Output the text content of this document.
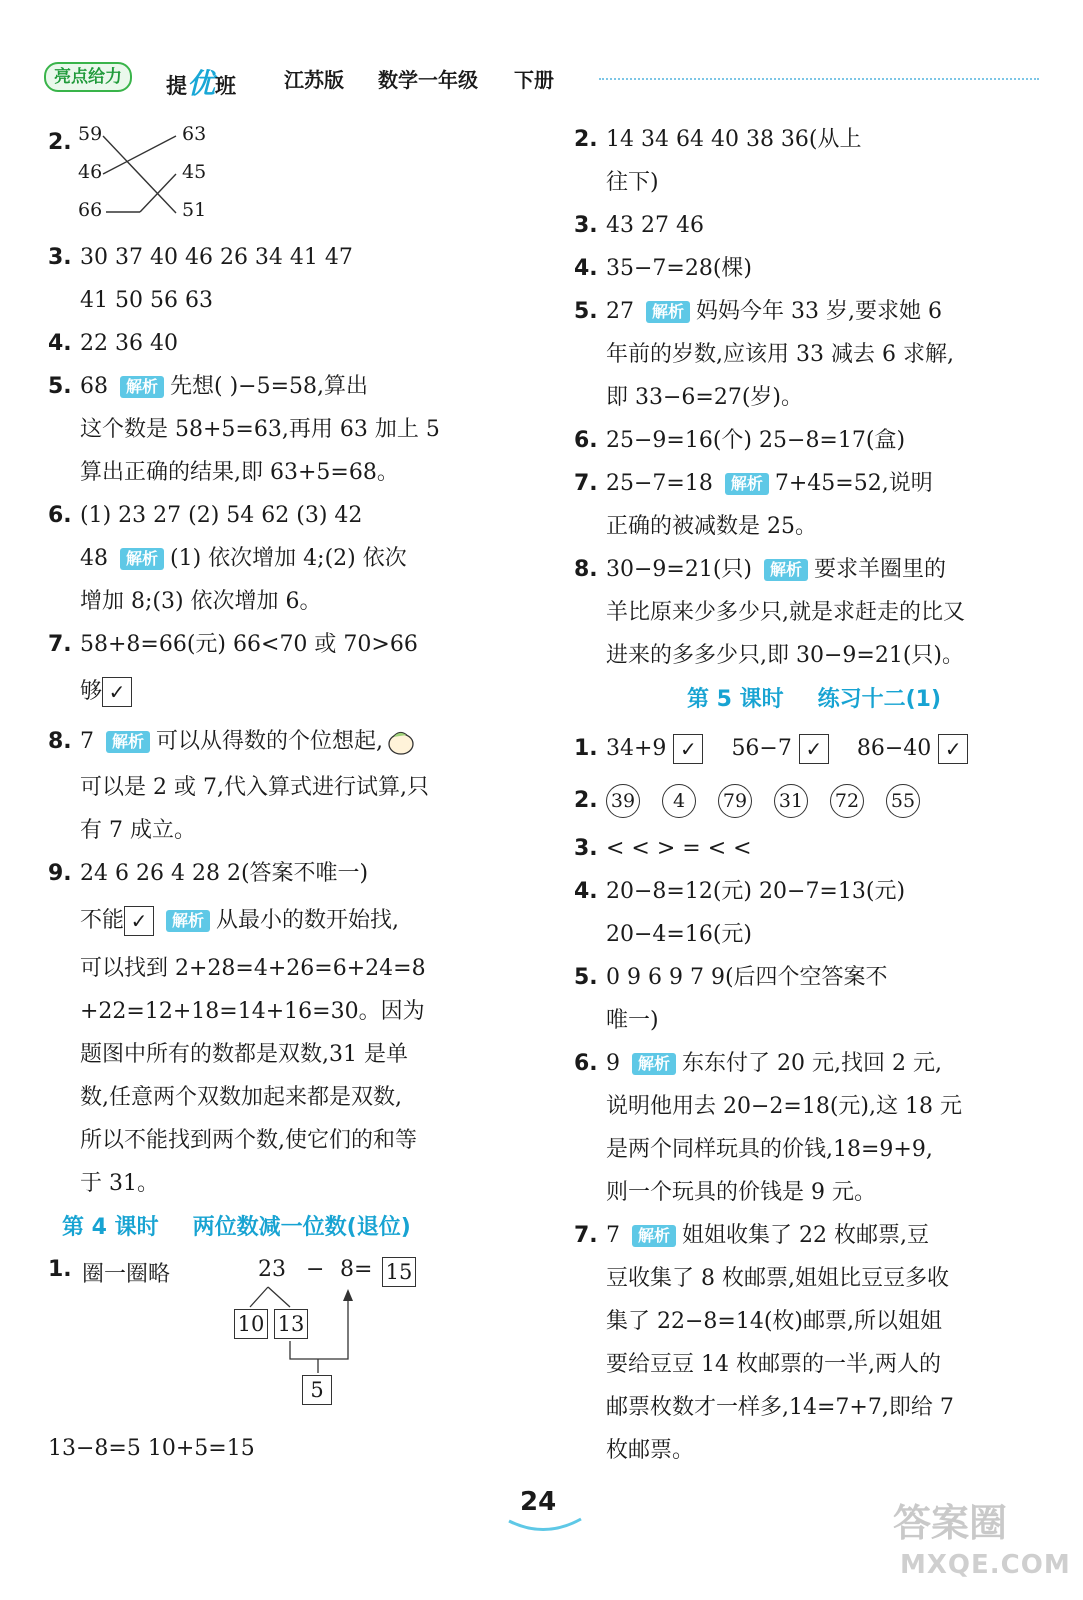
亮点给力	提优班 江苏版 数学一年级 下册
2. 59
46
66
63
45
51
3. 30 37 40 46 26 34 41 47
41 50 56 63
4. 22 36 40
5. 68 解析 先想( )−5=58,算出
这个数是 58+5=63,再用 63 加上 5
算出正确的结果,即 63+5=68。
6. (1) 23 27 (2) 54 62 (3) 42
48 解析 (1) 依次增加 4;(2) 依次
增加 8;(3) 依次增加 6。
7. 58+8=66(元) 66<70 或 70>66
够 ✓
8. 7 解析 可以从得数的个位想起,
可以是 2 或 7,代入算式进行试算,只
有 7 成立。
9. 24 6 26 4 28 2(答案不唯一)
不能 ✓ 解析 从最小的数开始找,
可以找到 2+28=4+26=6+24=8
+22=12+18=14+16=30。因为
题图中所有的数都是双数,31 是单
数,任意两个双数加起来都是双数,
所以不能找到两个数,使它们的和等
于 31。
第 4 课时 两位数减一位数(退位)
1. 圈一圈略	23 − 8= 15
10 13
5
13−8=5 10+5=15
2. 14 34 64 40 38 36(从上
往下)
3. 43 27 46
4. 35−7=28(棵)
5. 27 解析 妈妈今年 33 岁,要求她 6
年前的岁数,应该用 33 减去 6 求解,
即 33−6=27(岁)。
6. 25−9=16(个) 25−8=17(盒)
7. 25−7=18 解析 7+45=52,说明
正确的被减数是 25。
8. 30−9=21(只) 解析 要求羊圈里的
羊比原来少多少只,就是求赶走的比又
进来的多多少只,即 30−9=21(只)。
第 5 课时 练习十二(1)
1. 34+9 ✓ 56−7 ✓ 86−40 ✓
2. 39 4 79 31 72 55
3. < < > = < <
4. 20−8=12(元) 20−7=13(元)
20−4=16(元)
5. 0 9 6 9 7 9(后四个空答案不
唯一)
6. 9 解析 东东付了 20 元,找回 2 元,
说明他用去 20−2=18(元),这 18 元
是两个同样玩具的价钱,18=9+9,
则一个玩具的价钱是 9 元。
7. 7 解析 姐姐收集了 22 枚邮票,豆
豆收集了 8 枚邮票,姐姐比豆豆多收
集了 22−8=14(枚)邮票,所以姐姐
要给豆豆 14 枚邮票的一半,两人的
邮票枚数才一样多,14=7+7,即给 7
枚邮票。
24	答案圈
MXQE.COM
